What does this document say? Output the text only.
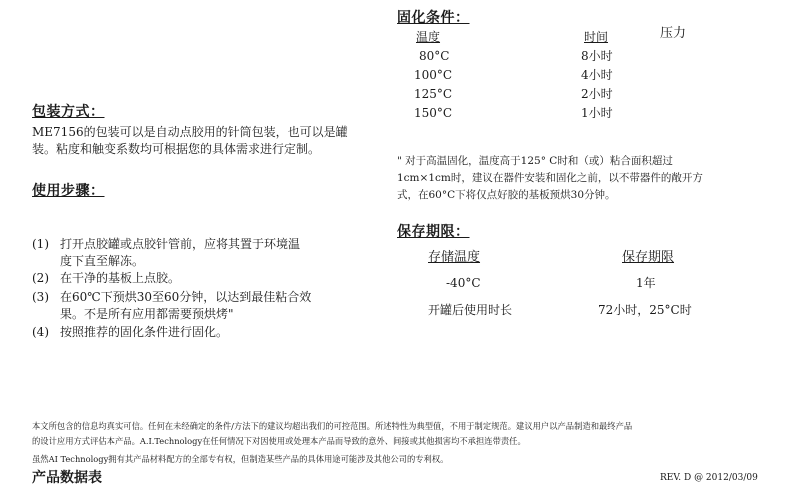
固化条件：
温度	时间	压力
80°C	8小时
100°C	4小时
125°C	2小时
150°C	1小时
" 对于高温固化，温度高于125° C时和（或）粘合面积超过
1cm×1cm时，建议在器件安装和固化之前，以不带器件的敞开方
式，在60°C下将仅点好胶的基板预烘30分钟。
包装方式：
ME7156的包装可以是自动点胶用的针筒包装，也可以是罐
装。粘度和触变系数均可根据您的具体需求进行定制。
使用步骤：
(1) 打开点胶罐或点胶针管前，应将其置于环境温
度下直至解冻。
(2) 在干净的基板上点胶。
(3) 在60℃下预烘30至60分钟，以达到最佳粘合效
果。不是所有应用都需要预烘烤"
(4) 按照推荐的固化条件进行固化。
保存期限：
存储温度	保存期限
-40°C	1年
开罐后使用时长	72小时，25°C时
本文所包含的信息均真实可信。任何在未经确定的条件/方法下的建议均超出我们的可控范围。所述特性为典型值，不用于制定规范。建议用户以产品制造和最终产品
的设计应用方式评估本产品。A.I.Technology在任何情况下对因使用或处理本产品而导致的意外、间接或其他损害均不承担连带责任。
虽然AI Technology拥有其产品材料配方的全部专有权，但制造某些产品的具体用途可能涉及其他公司的专利权。
产品数据表	REV. D @ 2012/03/09
